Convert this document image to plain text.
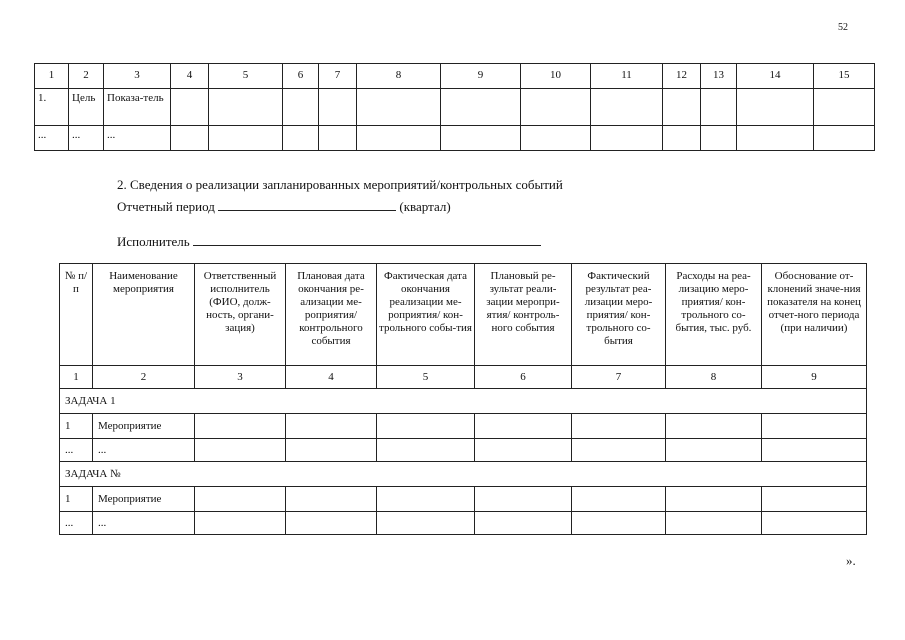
52
1	2	3	4	5	6	7	8	9	10	11	12	13	14	15
1.	Цель	Показа-тель												
...	...	...												
2. Сведения о реализации запланированных мероприятий/контрольных событий
Отчетный период	(квартал)
Исполнитель
№ п/п	Наименование мероприятия	Ответственный исполнитель (ФИО, долж-ность, органи-зация)	Плановая дата окончания ре-ализации ме-роприятия/ контрольного события	Фактическая дата окончания реализации ме-роприятия/ кон-трольного собы-тия	Плановый ре-зультат реали-зации меропри-ятия/ контроль-ного события	Фактический результат реа-лизации меро-приятия/ кон-трольного со-бытия	Расходы на реа-лизацию меро-приятия/ кон-трольного со-бытия, тыс. руб.	Обоснование от-клонений значе-ния показателя на конец отчет-ного периода (при наличии)
1	2	3	4	5	6	7	8	9
ЗАДАЧА 1								
1	Мероприятие							
...	...							
ЗАДАЧА №								
1	Мероприятие							
...	...							
».
